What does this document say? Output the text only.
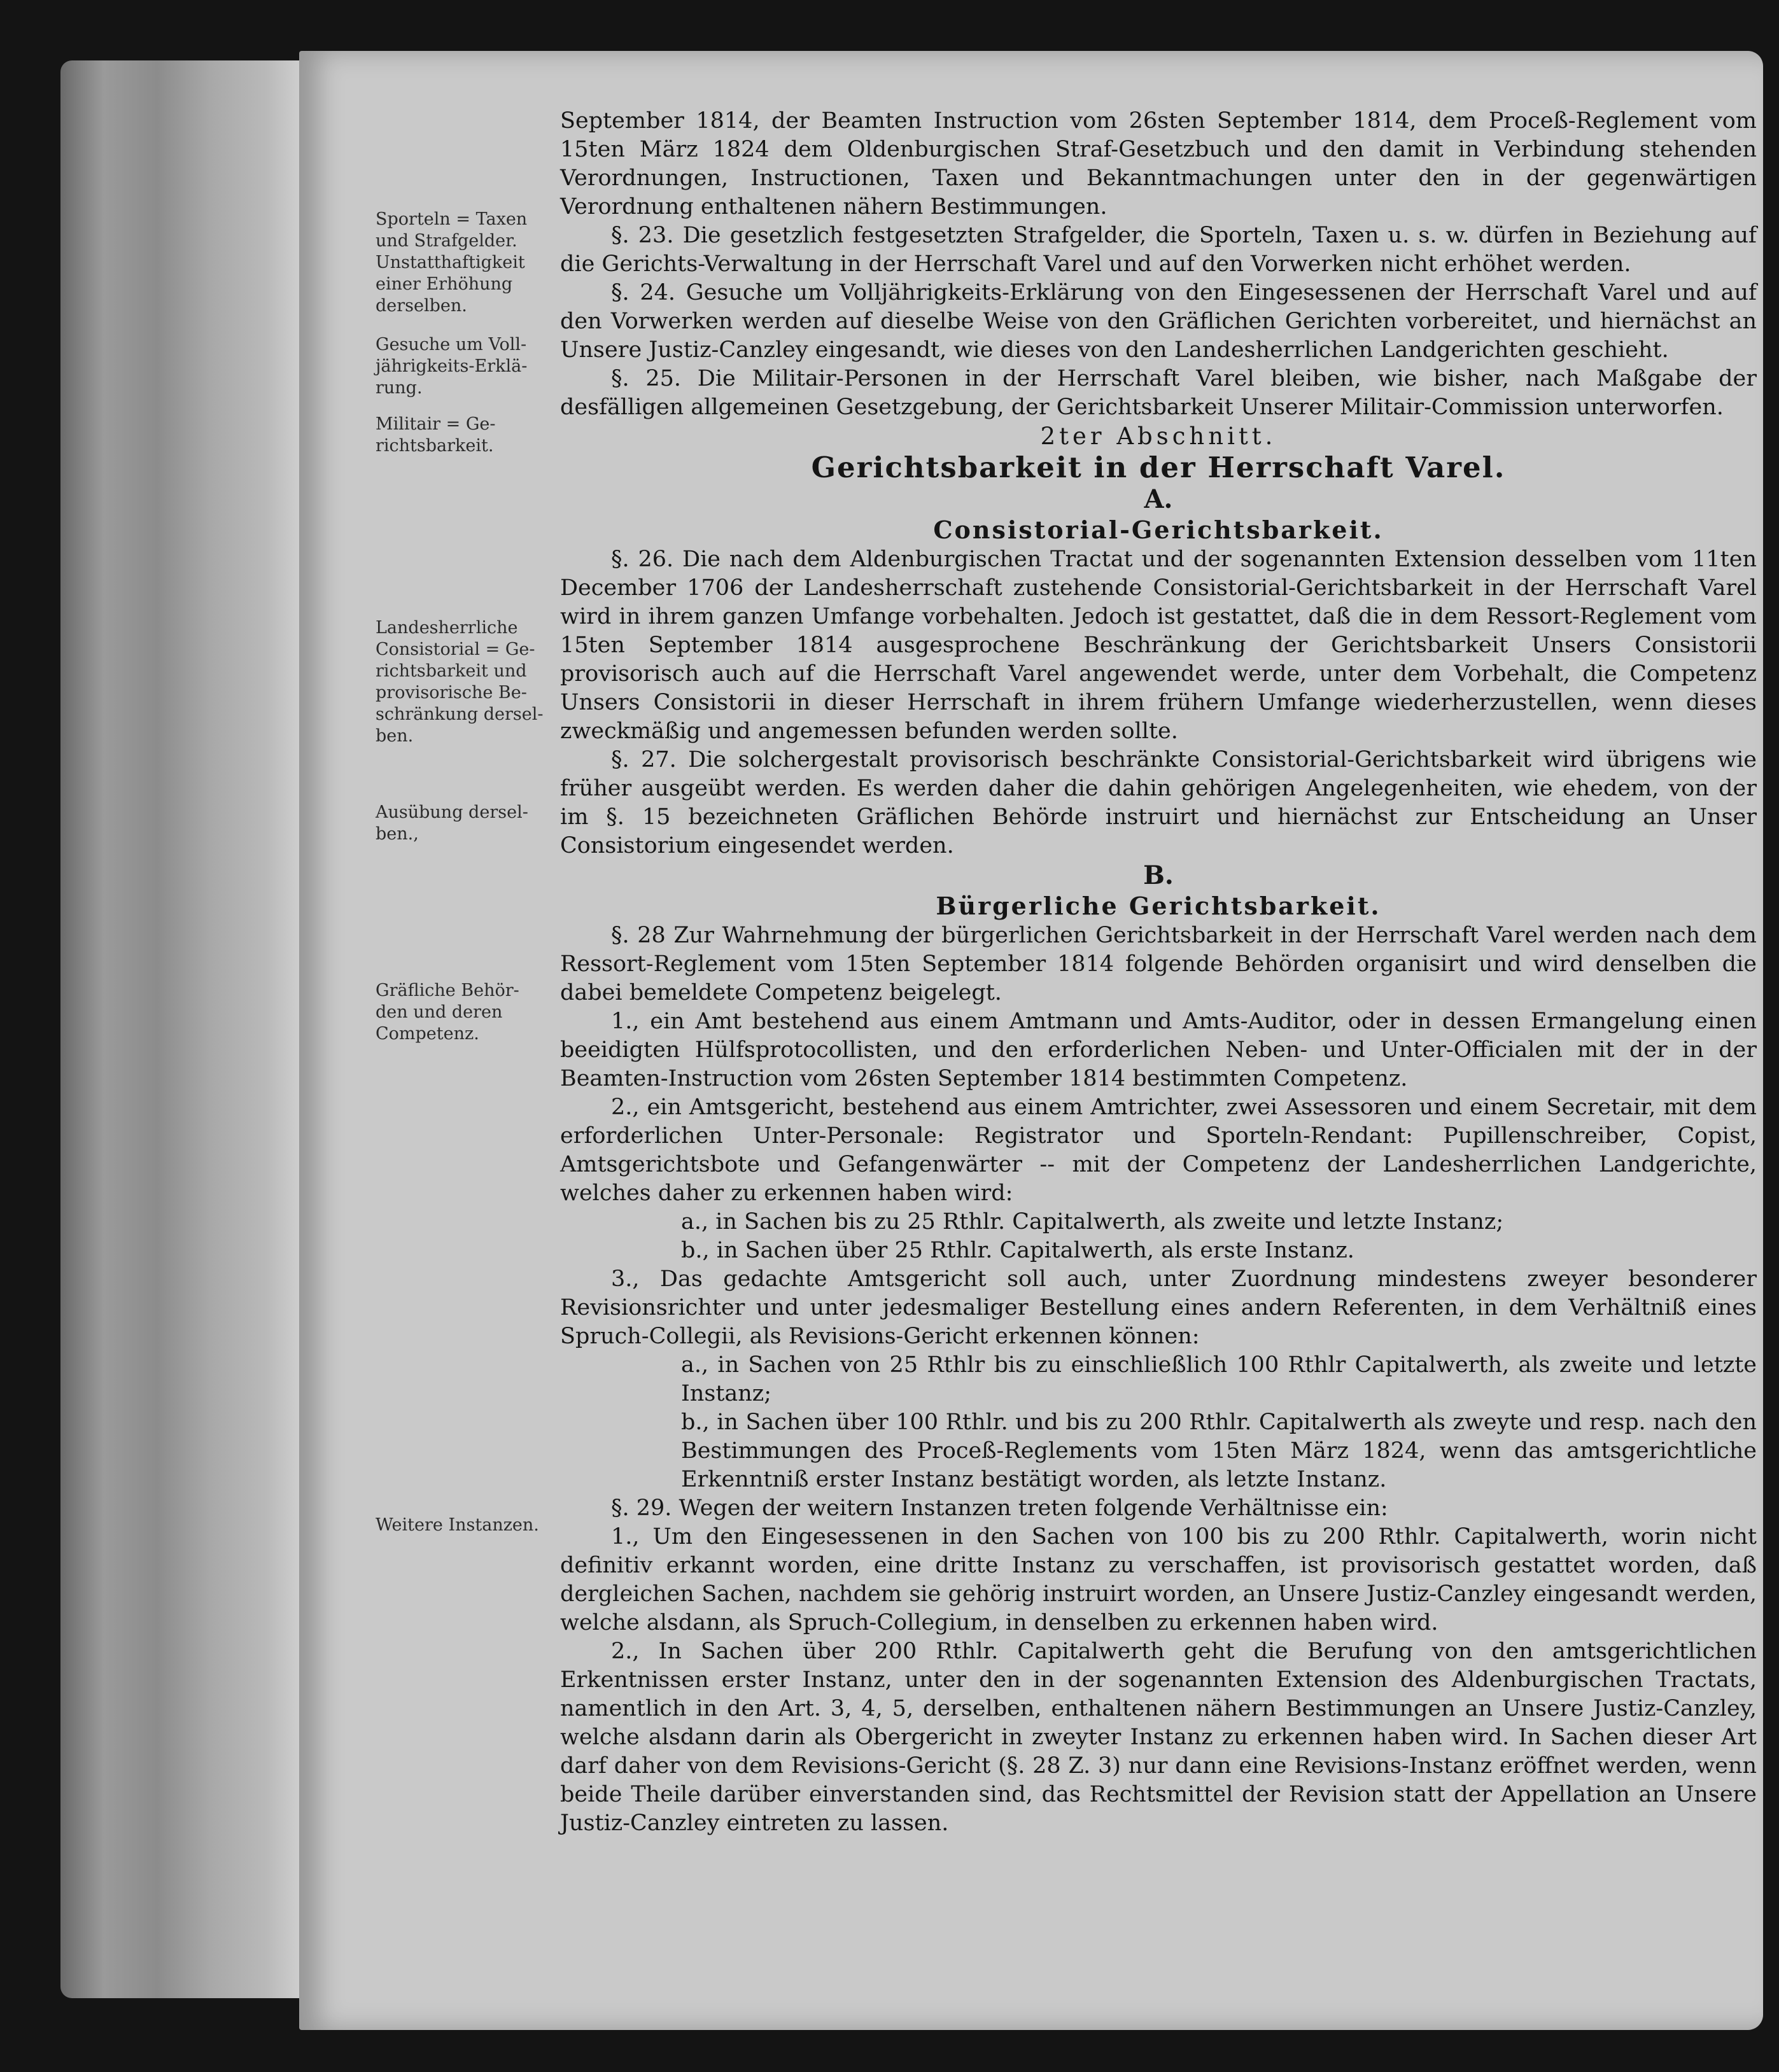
Sporteln = Taxen
und Strafgelder.
Unstatthaftigkeit
einer Erhöhung
derselben.

Gesuche um Voll-
jährigkeits-Erklä-
rung.

Militair = Ge-
richtsbarkeit.

Landesherrliche
Consistorial = Ge-
richtsbarkeit und
provisorische Be-
schränkung dersel-
ben.

Ausübung dersel-
ben.,

Gräfliche Behör-
den und deren
Competenz.

Weitere Instanzen.

September 1814, der Beamten Instruction vom 26sten September 1814, dem Proceß-Reglement vom 15ten März 1824 dem Oldenburgischen Straf-Gesetzbuch und den damit in Verbindung stehenden Verordnungen, Instructionen, Taxen und Bekanntmachungen unter den in der gegenwärtigen Verordnung enthaltenen nähern Bestimmungen.

§. 23. Die gesetzlich festgesetzten Strafgelder, die Sporteln, Taxen u. s. w. dürfen in Beziehung auf die Gerichts-Verwaltung in der Herrschaft Varel und auf den Vorwerken nicht erhöhet werden.

§. 24. Gesuche um Volljährigkeits-Erklärung von den Eingesessenen der Herrschaft Varel und auf den Vorwerken werden auf dieselbe Weise von den Gräflichen Gerichten vorbereitet, und hiernächst an Unsere Justiz-Canzley eingesandt, wie dieses von den Landesherrlichen Landgerichten geschieht.

§. 25. Die Militair-Personen in der Herrschaft Varel bleiben, wie bisher, nach Maßgabe der desfälligen allgemeinen Gesetzgebung, der Gerichtsbarkeit Unserer Militair-Commission unterworfen.

2ter Abschnitt.

Gerichtsbarkeit in der Herrschaft Varel.

A.

Consistorial-Gerichtsbarkeit.

§. 26. Die nach dem Aldenburgischen Tractat und der sogenannten Extension desselben vom 11ten December 1706 der Landesherrschaft zustehende Consistorial-Gerichtsbarkeit in der Herrschaft Varel wird in ihrem ganzen Umfange vorbehalten. Jedoch ist gestattet, daß die in dem Ressort-Reglement vom 15ten September 1814 ausgesprochene Beschränkung der Gerichtsbarkeit Unsers Consistorii provisorisch auch auf die Herrschaft Varel angewendet werde, unter dem Vorbehalt, die Competenz Unsers Consistorii in dieser Herrschaft in ihrem frühern Umfange wiederherzustellen, wenn dieses zweckmäßig und angemessen befunden werden sollte.

§. 27. Die solchergestalt provisorisch beschränkte Consistorial-Gerichtsbarkeit wird übrigens wie früher ausgeübt werden. Es werden daher die dahin gehörigen Angelegenheiten, wie ehedem, von der im §. 15 bezeichneten Gräflichen Behörde instruirt und hiernächst zur Entscheidung an Unser Consistorium eingesendet werden.

B.

Bürgerliche Gerichtsbarkeit.

§. 28 Zur Wahrnehmung der bürgerlichen Gerichtsbarkeit in der Herrschaft Varel werden nach dem Ressort-Reglement vom 15ten September 1814 folgende Behörden organisirt und wird denselben die dabei bemeldete Competenz beigelegt.

1., ein Amt bestehend aus einem Amtmann und Amts-Auditor, oder in dessen Ermangelung einen beeidigten Hülfsprotocollisten, und den erforderlichen Neben- und Unter-Officialen mit der in der Beamten-Instruction vom 26sten September 1814 bestimmten Competenz.

2., ein Amtsgericht, bestehend aus einem Amtrichter, zwei Assessoren und einem Secretair, mit dem erforderlichen Unter-Personale: Registrator und Sporteln-Rendant: Pupillenschreiber, Copist, Amtsgerichtsbote und Gefangenwärter -- mit der Competenz der Landesherrlichen Landgerichte, welches daher zu erkennen haben wird:

a., in Sachen bis zu 25 Rthlr. Capitalwerth, als zweite und letzte Instanz;

b., in Sachen über 25 Rthlr. Capitalwerth, als erste Instanz.

3., Das gedachte Amtsgericht soll auch, unter Zuordnung mindestens zweyer besonderer Revisionsrichter und unter jedesmaliger Bestellung eines andern Referenten, in dem Verhältniß eines Spruch-Collegii, als Revisions-Gericht erkennen können:

a., in Sachen von 25 Rthlr bis zu einschließlich 100 Rthlr Capitalwerth, als zweite und letzte Instanz;

b., in Sachen über 100 Rthlr. und bis zu 200 Rthlr. Capitalwerth als zweyte und resp. nach den Bestimmungen des Proceß-Reglements vom 15ten März 1824, wenn das amtsgerichtliche Erkenntniß erster Instanz bestätigt worden, als letzte Instanz.

§. 29. Wegen der weitern Instanzen treten folgende Verhältnisse ein:

1., Um den Eingesessenen in den Sachen von 100 bis zu 200 Rthlr. Capitalwerth, worin nicht definitiv erkannt worden, eine dritte Instanz zu verschaffen, ist provisorisch gestattet worden, daß dergleichen Sachen, nachdem sie gehörig instruirt worden, an Unsere Justiz-Canzley eingesandt werden, welche alsdann, als Spruch-Collegium, in denselben zu erkennen haben wird.

2., In Sachen über 200 Rthlr. Capitalwerth geht die Berufung von den amtsgerichtlichen Erkentnissen erster Instanz, unter den in der sogenannten Extension des Aldenburgischen Tractats, namentlich in den Art. 3, 4, 5, derselben, enthaltenen nähern Bestimmungen an Unsere Justiz-Canzley, welche alsdann darin als Obergericht in zweyter Instanz zu erkennen haben wird. In Sachen dieser Art darf daher von dem Revisions-Gericht (§. 28 Z. 3) nur dann eine Revisions-Instanz eröffnet werden, wenn beide Theile darüber einverstanden sind, das Rechtsmittel der Revision statt der Appellation an Unsere Justiz-Canzley eintreten zu lassen.
